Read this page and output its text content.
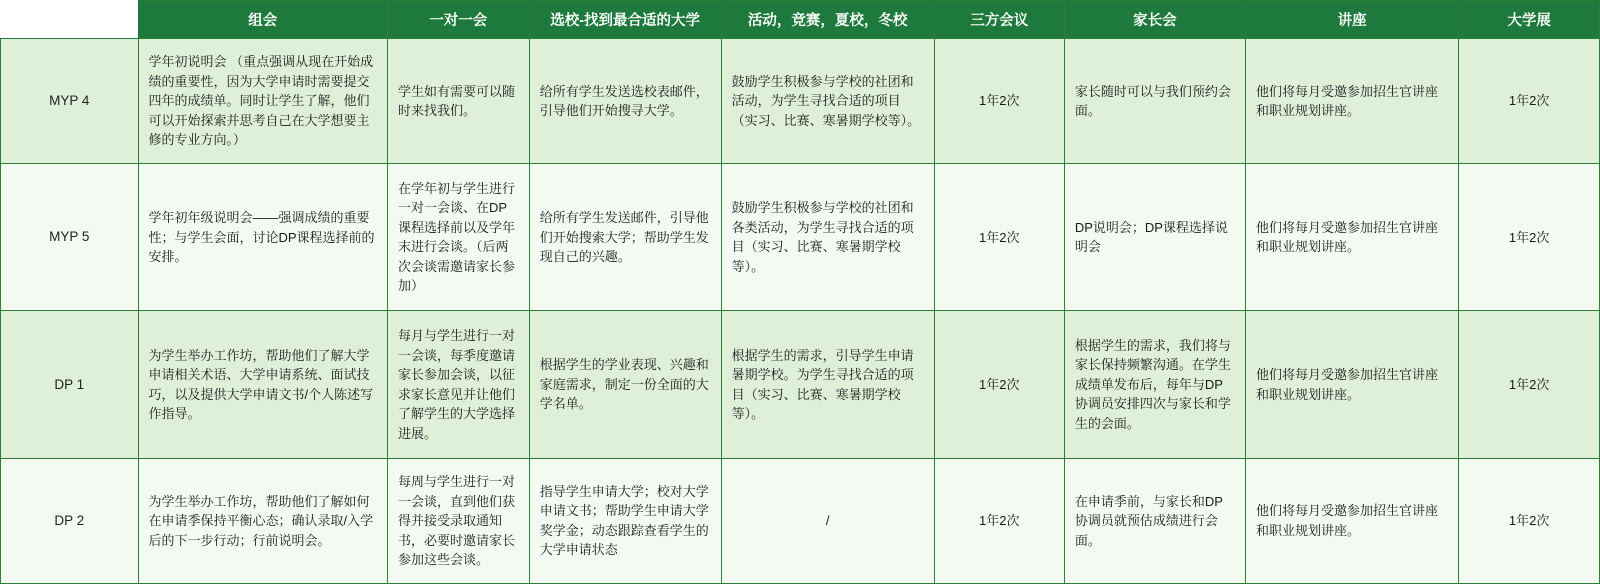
	组会	一对一会	选校-找到最合适的大学	活动，竞赛，夏校，冬校	三方会议	家长会	讲座	大学展
MYP 4	学年初说明会 （重点强调从现在开始成绩的重要性，因为大学申请时需要提交四年的成绩单。同时让学生了解，他们可以开始探索并思考自己在大学想要主修的专业方向。）	学生如有需要可以随时来找我们。	给所有学生发送选校表邮件，引导他们开始搜寻大学。	鼓励学生积极参与学校的社团和活动，为学生寻找合适的项目（实习、比赛、寒暑期学校等）。	1年2次	家长随时可以与我们预约会面。	他们将每月受邀参加招生官讲座和职业规划讲座。	1年2次
MYP 5	学年初年级说明会——强调成绩的重要性；与学生会面，讨论DP课程选择前的安排。	在学年初与学生进行一对一会谈、在DP课程选择前以及学年末进行会谈。（后两次会谈需邀请家长参加）	给所有学生发送邮件，引导他们开始搜索大学；帮助学生发现自己的兴趣。	鼓励学生积极参与学校的社团和各类活动，为学生寻找合适的项目（实习、比赛、寒暑期学校等）。	1年2次	DP说明会；DP课程选择说明会	他们将每月受邀参加招生官讲座和职业规划讲座。	1年2次
DP 1	为学生举办工作坊，帮助他们了解大学申请相关术语、大学申请系统、面试技巧，以及提供大学申请文书/个人陈述写作指导。	每月与学生进行一对一会谈，每季度邀请家长参加会谈，以征求家长意见并让他们了解学生的大学选择进展。	根据学生的学业表现、兴趣和家庭需求，制定一份全面的大学名单。	根据学生的需求，引导学生申请暑期学校。为学生寻找合适的项目（实习、比赛、寒暑期学校等）。	1年2次	根据学生的需求，我们将与家长保持频繁沟通。在学生成绩单发布后，每年与DP协调员安排四次与家长和学生的会面。	他们将每月受邀参加招生官讲座和职业规划讲座。	1年2次
DP 2	为学生举办工作坊，帮助他们了解如何在申请季保持平衡心态；确认录取/入学后的下一步行动；行前说明会。	每周与学生进行一对一会谈，直到他们获得并接受录取通知书，必要时邀请家长参加这些会谈。	指导学生申请大学；校对大学申请文书；帮助学生申请大学奖学金；动态跟踪查看学生的大学申请状态	/	1年2次	在申请季前，与家长和DP协调员就预估成绩进行会面。	他们将每月受邀参加招生官讲座和职业规划讲座。	1年2次
